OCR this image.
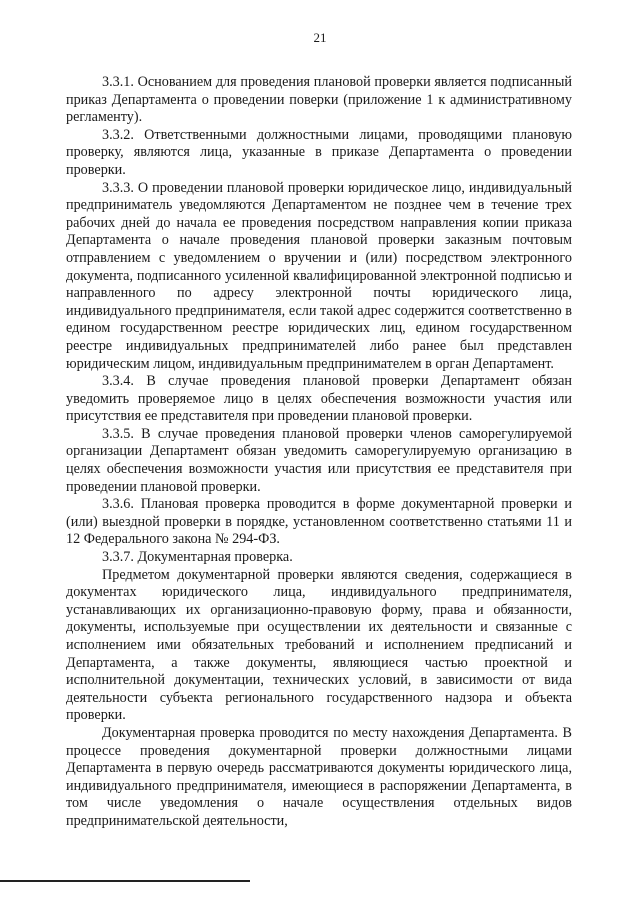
21

3.3.1. Основанием для проведения плановой проверки является подписанный приказ Департамента о проведении поверки (приложение 1 к административному регламенту).

3.3.2. Ответственными должностными лицами, проводящими плановую проверку, являются лица, указанные в приказе Департамента о проведении проверки.

3.3.3. О проведении плановой проверки юридическое лицо, индивидуальный предприниматель уведомляются Департаментом не позднее чем в течение трех рабочих дней до начала ее проведения посредством направления копии приказа Департамента о начале проведения плановой проверки заказным почтовым отправлением с уведомлением о вручении и (или) посредством электронного документа, подписанного усиленной квалифицированной электронной подписью и направленного по адресу электронной почты юридического лица, индивидуального предпринимателя, если такой адрес содержится соответственно в едином государственном реестре юридических лиц, едином государственном реестре индивидуальных предпринимателей либо ранее был представлен юридическим лицом, индивидуальным предпринимателем в орган Департамент.

3.3.4. В случае проведения плановой проверки Департамент обязан уведомить проверяемое лицо в целях обеспечения возможности участия или присутствия ее представителя при проведении плановой проверки.

3.3.5. В случае проведения плановой проверки членов саморегулируемой организации Департамент обязан уведомить саморегулируемую организацию в целях обеспечения возможности участия или присутствия ее представителя при проведении плановой проверки.

3.3.6. Плановая проверка проводится в форме документарной проверки и (или) выездной проверки в порядке, установленном соответственно статьями 11 и 12 Федерального закона № 294-ФЗ.

3.3.7. Документарная проверка.

Предметом документарной проверки являются сведения, содержащиеся в документах юридического лица, индивидуального предпринимателя, устанавливающих их организационно-правовую форму, права и обязанности, документы, используемые при осуществлении их деятельности и связанные с исполнением ими обязательных требований и исполнением предписаний и Департамента, а также документы, являющиеся частью проектной и исполнительной документации, технических условий, в зависимости от вида деятельности субъекта регионального государственного надзора и объекта проверки.

Документарная проверка проводится по месту нахождения Департамента. В процессе проведения документарной проверки должностными лицами Департамента в первую очередь рассматриваются документы юридического лица, индивидуального предпринимателя, имеющиеся в распоряжении Департамента, в том числе уведомления о начале осуществления отдельных видов предпринимательской деятельности,
